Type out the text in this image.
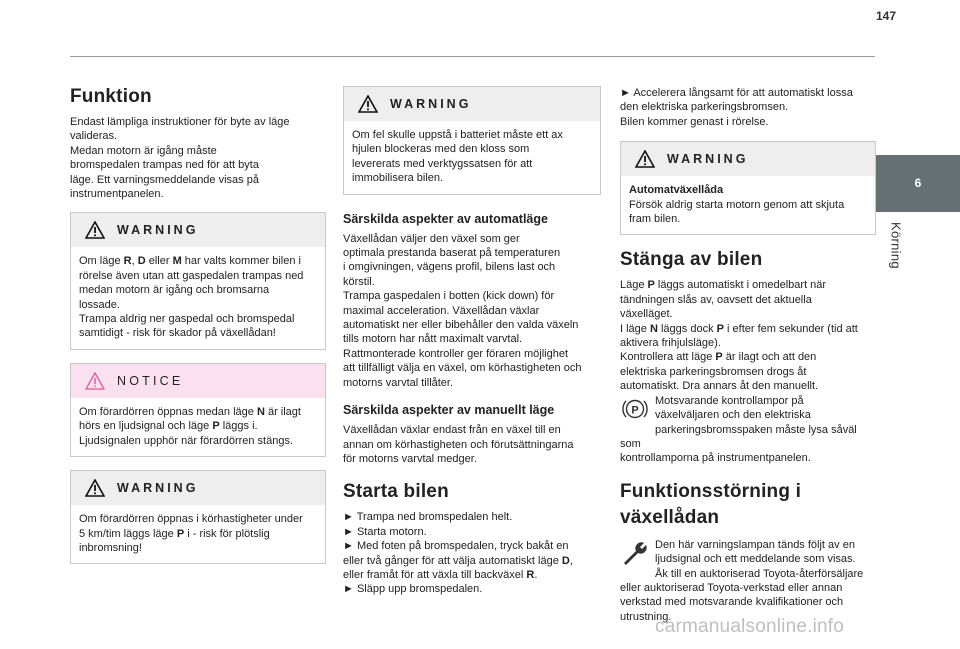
147
6
Körning
Funktion

Endast lämpliga instruktioner för byte av läge
valideras.
Medan motorn är igång måste
bromspedalen trampas ned för att byta
läge. Ett varningsmeddelande visas på
instrumentpanelen.

WARNING
Om läge R, D eller M har valts kommer bilen i
rörelse även utan att gaspedalen trampas ned
medan motorn är igång och bromsarna
lossade.
Trampa aldrig ner gaspedal och bromspedal
samtidigt - risk för skador på växellådan!
NOTICE
Om förardörren öppnas medan läge N är ilagt
hörs en ljudsignal och läge P läggs i.
Ljudsignalen upphör när förardörren stängs.
WARNING
Om förardörren öppnas i körhastigheter under
5 km/tim läggs läge P i - risk för plötslig
inbromsning!
WARNING
Om fel skulle uppstå i batteriet måste ett ax
hjulen blockeras med den kloss som
levererats med verktygssatsen för att
immobilisera bilen.
Särskilda aspekter av automatläge

Växellådan väljer den växel som ger
optimala prestanda baserat på temperaturen
i omgivningen, vägens profil, bilens last och
körstil.
Trampa gaspedalen i botten (kick down) för
maximal acceleration. Växellådan växlar
automatiskt ner eller bibehåller den valda växeln
tills motorn har nått maximalt varvtal.
Rattmonterade kontroller ger föraren möjlighet
att tillfälligt välja en växel, om körhastigheten och
motorns varvtal tillåter.

Särskilda aspekter av manuellt läge

Växellådan växlar endast från en växel till en
annan om körhastigheten och förutsättningarna
för motorns varvtal medger.

Starta bilen

► Trampa ned bromspedalen helt.
► Starta motorn.
► Med foten på bromspedalen, tryck bakåt en
eller två gånger för att välja automatiskt läge D,
eller framåt för att växla till backväxel R.
► Släpp upp bromspedalen.

► Accelerera långsamt för att automatiskt lossa
den elektriska parkeringsbromsen.
Bilen kommer genast i rörelse.

WARNING
Automatväxellåda
Försök aldrig starta motorn genom att skjuta
fram bilen.
Stänga av bilen

Läge P läggs automatiskt i omedelbart när
tändningen slås av, oavsett det aktuella
växelläget.
I läge N läggs dock P i efter fem sekunder (tid att
aktivera frihjulsläge).
Kontrollera att läge P är ilagt och att den
elektriska parkeringsbromsen drogs åt
automatiskt. Dra annars åt den manuellt.

P

Motsvarande kontrollampor på
växelväljaren och den elektriska
parkeringsbromsspaken måste lysa såväl som
kontrollamporna på instrumentpanelen.

Funktionsstörning i
växellådan

Den här varningslampan tänds följt av en
ljudsignal och ett meddelande som visas.
Åk till en auktoriserad Toyota-återförsäljare
eller auktoriserad Toyota-verkstad eller annan
verkstad med motsvarande kvalifikationer och
utrustning.

carmanualsonline.info
